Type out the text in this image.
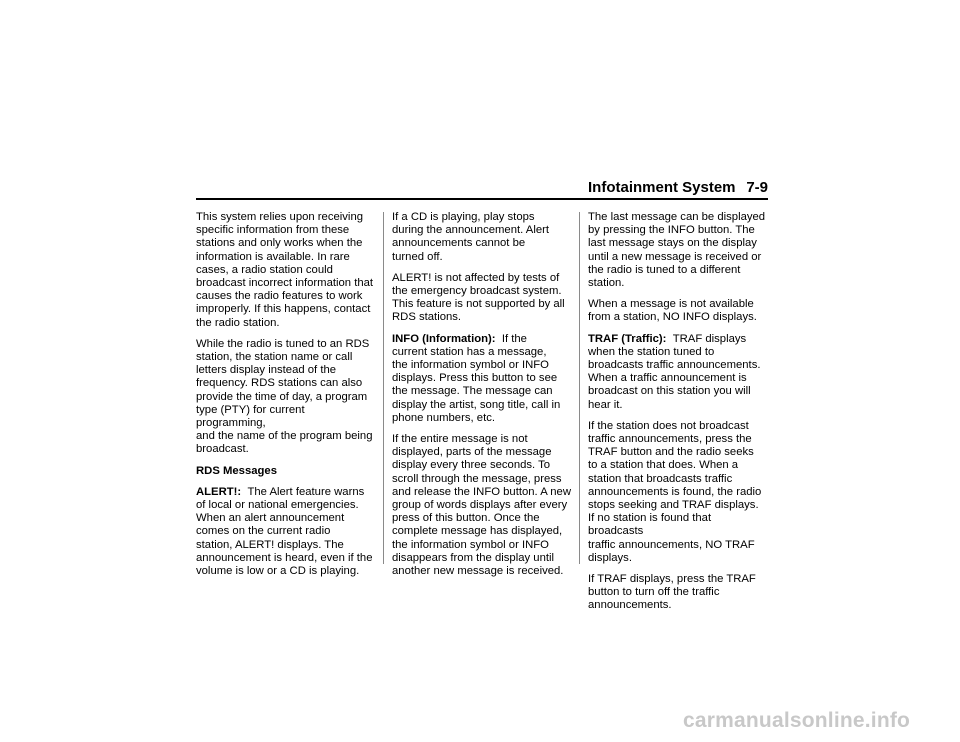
Infotainment System 7-9

This system relies upon receiving
specific information from these
stations and only works when the
information is available. In rare
cases, a radio station could
broadcast incorrect information that
causes the radio features to work
improperly. If this happens, contact
the radio station.

While the radio is tuned to an RDS
station, the station name or call
letters display instead of the
frequency. RDS stations can also
provide the time of day, a program
type (PTY) for current programming,
and the name of the program being
broadcast.

RDS Messages

ALERT!: The Alert feature warns
of local or national emergencies.
When an alert announcement
comes on the current radio
station, ALERT! displays. The
announcement is heard, even if the
volume is low or a CD is playing.

If a CD is playing, play stops
during the announcement. Alert
announcements cannot be
turned off.

ALERT! is not affected by tests of
the emergency broadcast system.
This feature is not supported by all
RDS stations.

INFO (Information): If the
current station has a message,
the information symbol or INFO
displays. Press this button to see
the message. The message can
display the artist, song title, call in
phone numbers, etc.

If the entire message is not
displayed, parts of the message
display every three seconds. To
scroll through the message, press
and release the INFO button. A new
group of words displays after every
press of this button. Once the
complete message has displayed,
the information symbol or INFO
disappears from the display until
another new message is received.

The last message can be displayed
by pressing the INFO button. The
last message stays on the display
until a new message is received or
the radio is tuned to a different
station.

When a message is not available
from a station, NO INFO displays.

TRAF (Traffic): TRAF displays
when the station tuned to
broadcasts traffic announcements.
When a traffic announcement is
broadcast on this station you will
hear it.

If the station does not broadcast
traffic announcements, press the
TRAF button and the radio seeks
to a station that does. When a
station that broadcasts traffic
announcements is found, the radio
stops seeking and TRAF displays.
If no station is found that broadcasts
traffic announcements, NO TRAF
displays.

If TRAF displays, press the TRAF
button to turn off the traffic
announcements.

carmanualsonline.info
